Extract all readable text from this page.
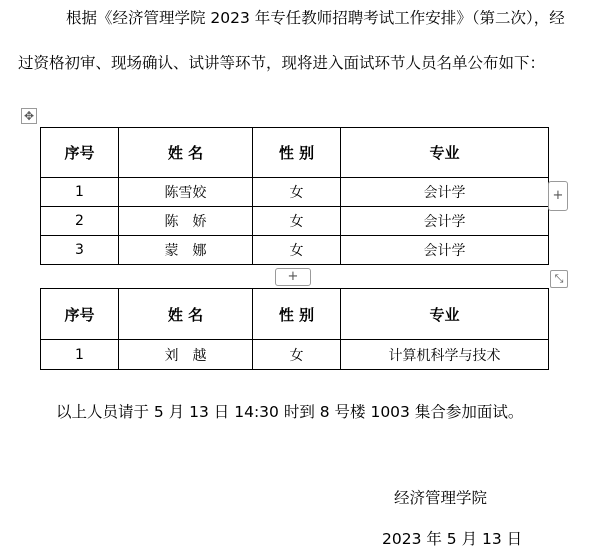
根据《经济管理学院 2023 年专任教师招聘考试工作安排》（第二次），经过资格初审、现场确认、试讲等环节，现将进入面试环节人员名单公布如下：

✥
序号	姓 名	性 别	专业
1	陈雪姣	女	会计学
2	陈　娇	女	会计学
3	蒙　娜	女	会计学
+
+	⤡
序号	姓 名	性 别	专业
1	刘　越	女	计算机科学与技术
以上人员请于 5 月 13 日 14:30 时到 8 号楼 1003 集合参加面试。
经济管理学院
2023 年 5 月 13 日
